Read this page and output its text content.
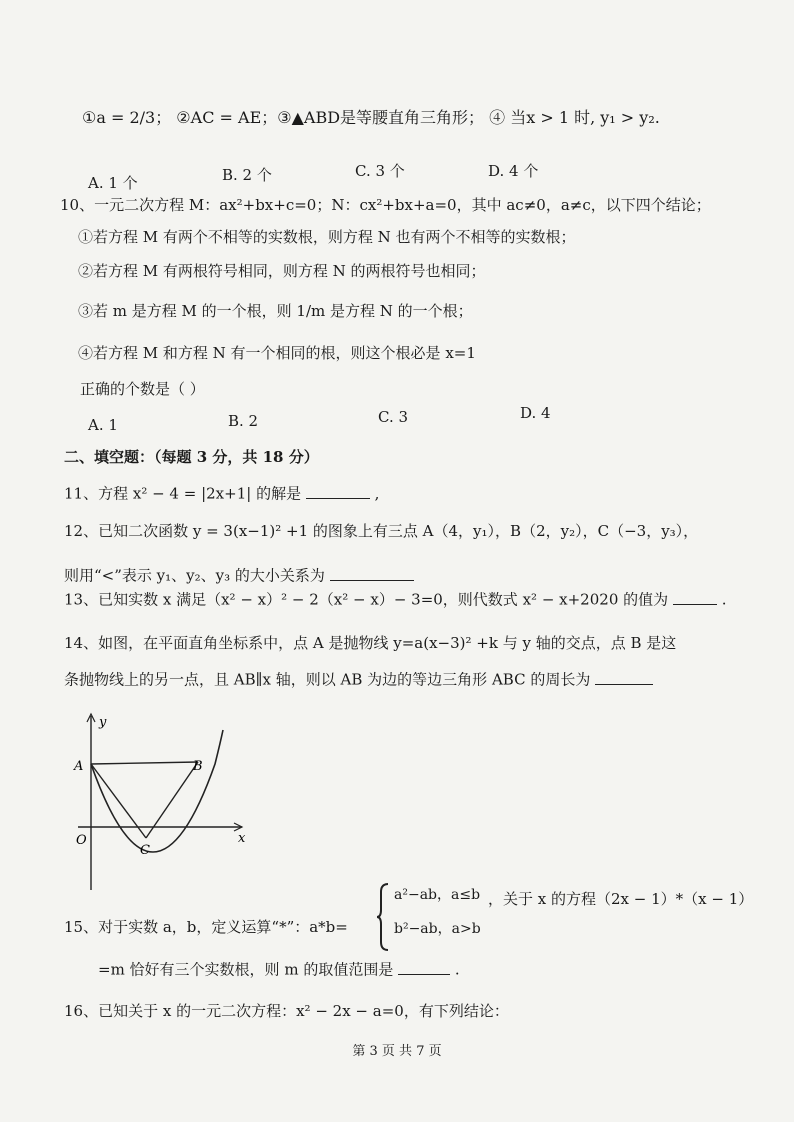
①a = 2/3； ②AC = AE；③▲ABD是等腰直角三角形； ④ 当x > 1 时, y₁ > y₂.
A. 1 个	B. 2 个	C. 3 个	D. 4 个
10、一元二次方程 M：ax²+bx+c=0；N：cx²+bx+a=0，其中 ac≠0，a≠c，以下四个结论；
①若方程 M 有两个不相等的实数根，则方程 N 也有两个不相等的实数根；
②若方程 M 有两根符号相同，则方程 N 的两根符号也相同；
③若 m 是方程 M 的一个根，则 1/m 是方程 N 的一个根；
④若方程 M 和方程 N 有一个相同的根，则这个根必是 x=1
正确的个数是（ ）
A. 1	B. 2	C. 3	D. 4
二、填空题：（每题 3 分，共 18 分）
11、方程 x² − 4 = |2x+1| 的解是	,
12、已知二次函数 y = 3(x−1)² +1 的图象上有三点 A（4，y₁），B（2，y₂），C（−3，y₃），
则用“<”表示 y₁、y₂、y₃ 的大小关系为
13、已知实数 x 满足（x² − x）² − 2（x² − x）− 3=0，则代数式 x² − x+2020 的值为	.
14、如图，在平面直角坐标系中，点 A 是抛物线 y=a(x−3)² +k 与 y 轴的交点，点 B 是这
条抛物线上的另一点，且 AB∥x 轴，则以 AB 为边的等边三角形 ABC 的周长为
y
x
O
A	B
C
15、对于实数 a，b，定义运算“*”：a*b=
a²−ab，a≤b
b²−ab，a>b
，关于 x 的方程（2x − 1）*（x − 1）
=m 恰好有三个实数根，则 m 的取值范围是	.
16、已知关于 x 的一元二次方程：x² − 2x − a=0，有下列结论：
第 3 页 共 7 页
